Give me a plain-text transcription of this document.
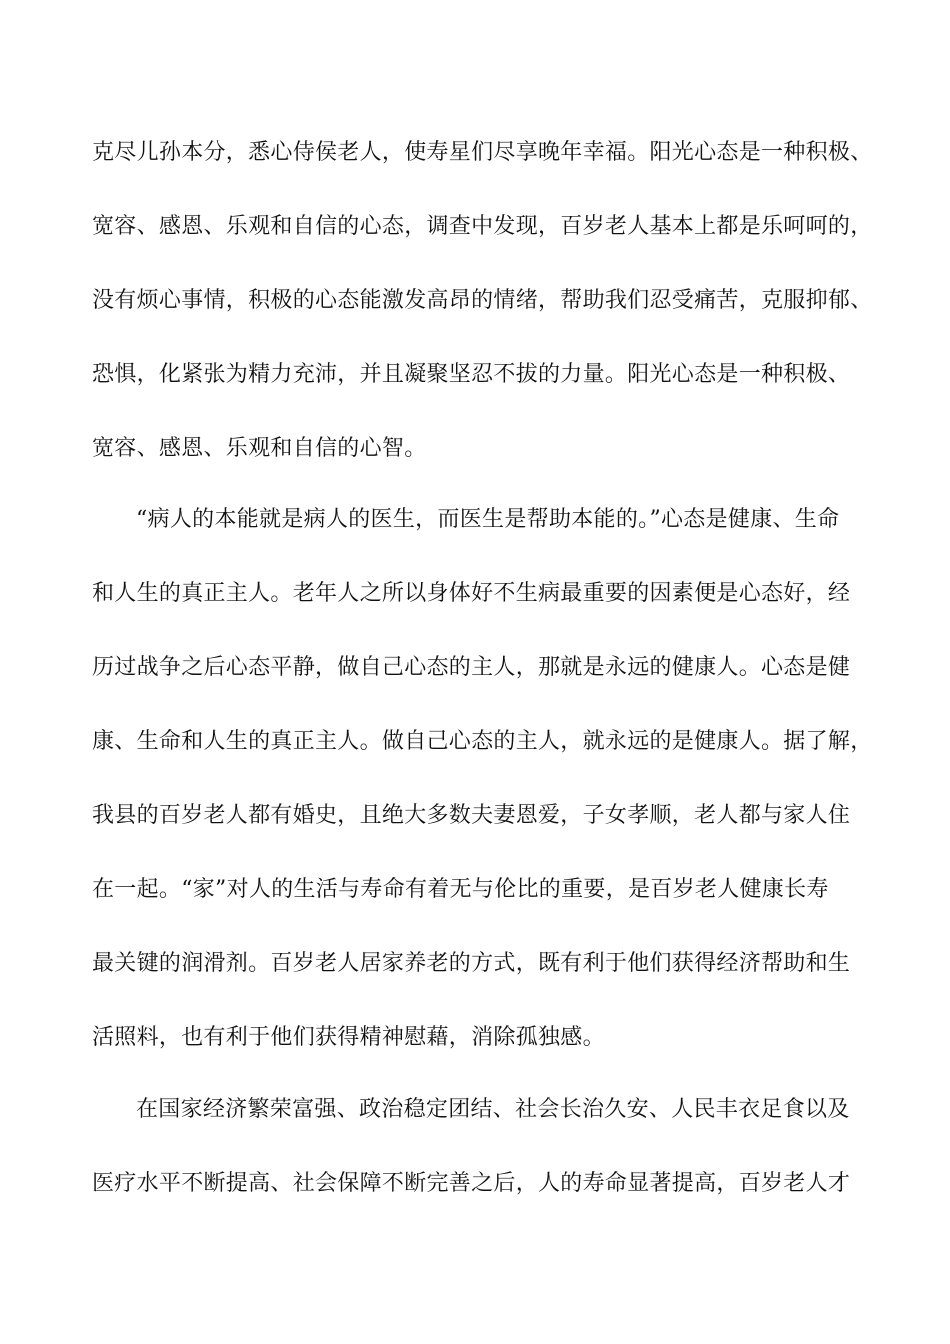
克尽儿孙本分，悉心侍侯老人，使寿星们尽享晚年幸福。阳光心态是一种积极、
宽容、感恩、乐观和自信的心态，调查中发现，百岁老人基本上都是乐呵呵的，
没有烦心事情，积极的心态能激发高昂的情绪，帮助我们忍受痛苦，克服抑郁、
恐惧，化紧张为精力充沛，并且凝聚坚忍不拔的力量。阳光心态是一种积极、
宽容、感恩、乐观和自信的心智。
“病人的本能就是病人的医生，而医生是帮助本能的。”心态是健康、生命
和人生的真正主人。老年人之所以身体好不生病最重要的因素便是心态好，经
历过战争之后心态平静，做自己心态的主人，那就是永远的健康人。心态是健
康、生命和人生的真正主人。做自己心态的主人，就永远的是健康人。据了解，
我县的百岁老人都有婚史，且绝大多数夫妻恩爱，子女孝顺，老人都与家人住
在一起。“家”对人的生活与寿命有着无与伦比的重要，是百岁老人健康长寿
最关键的润滑剂。百岁老人居家养老的方式，既有利于他们获得经济帮助和生
活照料，也有利于他们获得精神慰藉，消除孤独感。
在国家经济繁荣富强、政治稳定团结、社会长治久安、人民丰衣足食以及
医疗水平不断提高、社会保障不断完善之后，人的寿命显著提高，百岁老人才
